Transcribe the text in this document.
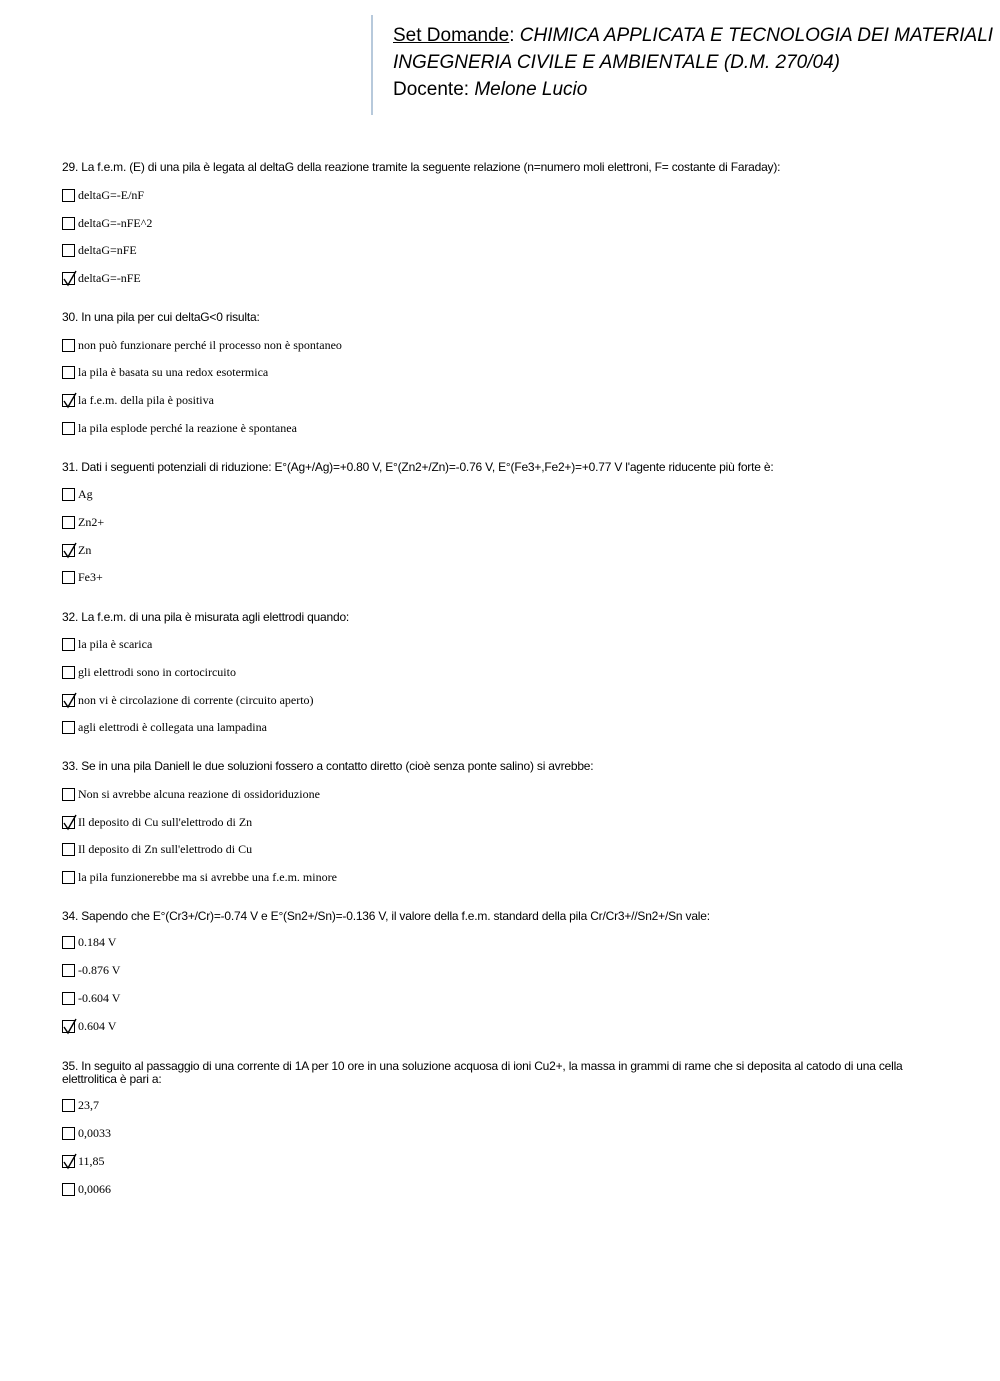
Set Domande: CHIMICA APPLICATA E TECNOLOGIA DEI MATERIALI
INGEGNERIA CIVILE E AMBIENTALE (D.M. 270/04)
Docente: Melone Lucio

29. La f.e.m. (E) di una pila è legata al deltaG della reazione tramite la seguente relazione (n=numero moli elettroni, F= costante di Faraday):

deltaG=-E/nF
deltaG=-nFE^2
deltaG=nFE
deltaG=-nFE

30. In una pila per cui deltaG<0 risulta:

non può funzionare perché il processo non è spontaneo
la pila è basata su una redox esotermica
la f.e.m. della pila è positiva
la pila esplode perché la reazione è spontanea

31. Dati i seguenti potenziali di riduzione: E°(Ag+/Ag)=+0.80 V, E°(Zn2+/Zn)=-0.76 V, E°(Fe3+,Fe2+)=+0.77 V l'agente riducente più forte è:

Ag
Zn2+
Zn
Fe3+

32. La f.e.m. di una pila è misurata agli elettrodi quando:

la pila è scarica
gli elettrodi sono in cortocircuito
non vi è circolazione di corrente (circuito aperto)
agli elettrodi è collegata una lampadina

33. Se in una pila Daniell le due soluzioni fossero a contatto diretto (cioè senza ponte salino) si avrebbe:

Non si avrebbe alcuna reazione di ossidoriduzione
Il deposito di Cu sull'elettrodo di Zn
Il deposito di Zn sull'elettrodo di Cu
la pila funzionerebbe ma si avrebbe una f.e.m. minore

34. Sapendo che E°(Cr3+/Cr)=-0.74 V e E°(Sn2+/Sn)=-0.136 V, il valore della f.e.m. standard della pila Cr/Cr3+//Sn2+/Sn vale:

0.184 V
-0.876 V
-0.604 V
0.604 V

35. In seguito al passaggio di una corrente di 1A per 10 ore in una soluzione acquosa di ioni Cu2+, la massa in grammi di rame che si deposita al catodo di una cella elettrolitica è pari a:

23,7
0,0033
11,85
0,0066
